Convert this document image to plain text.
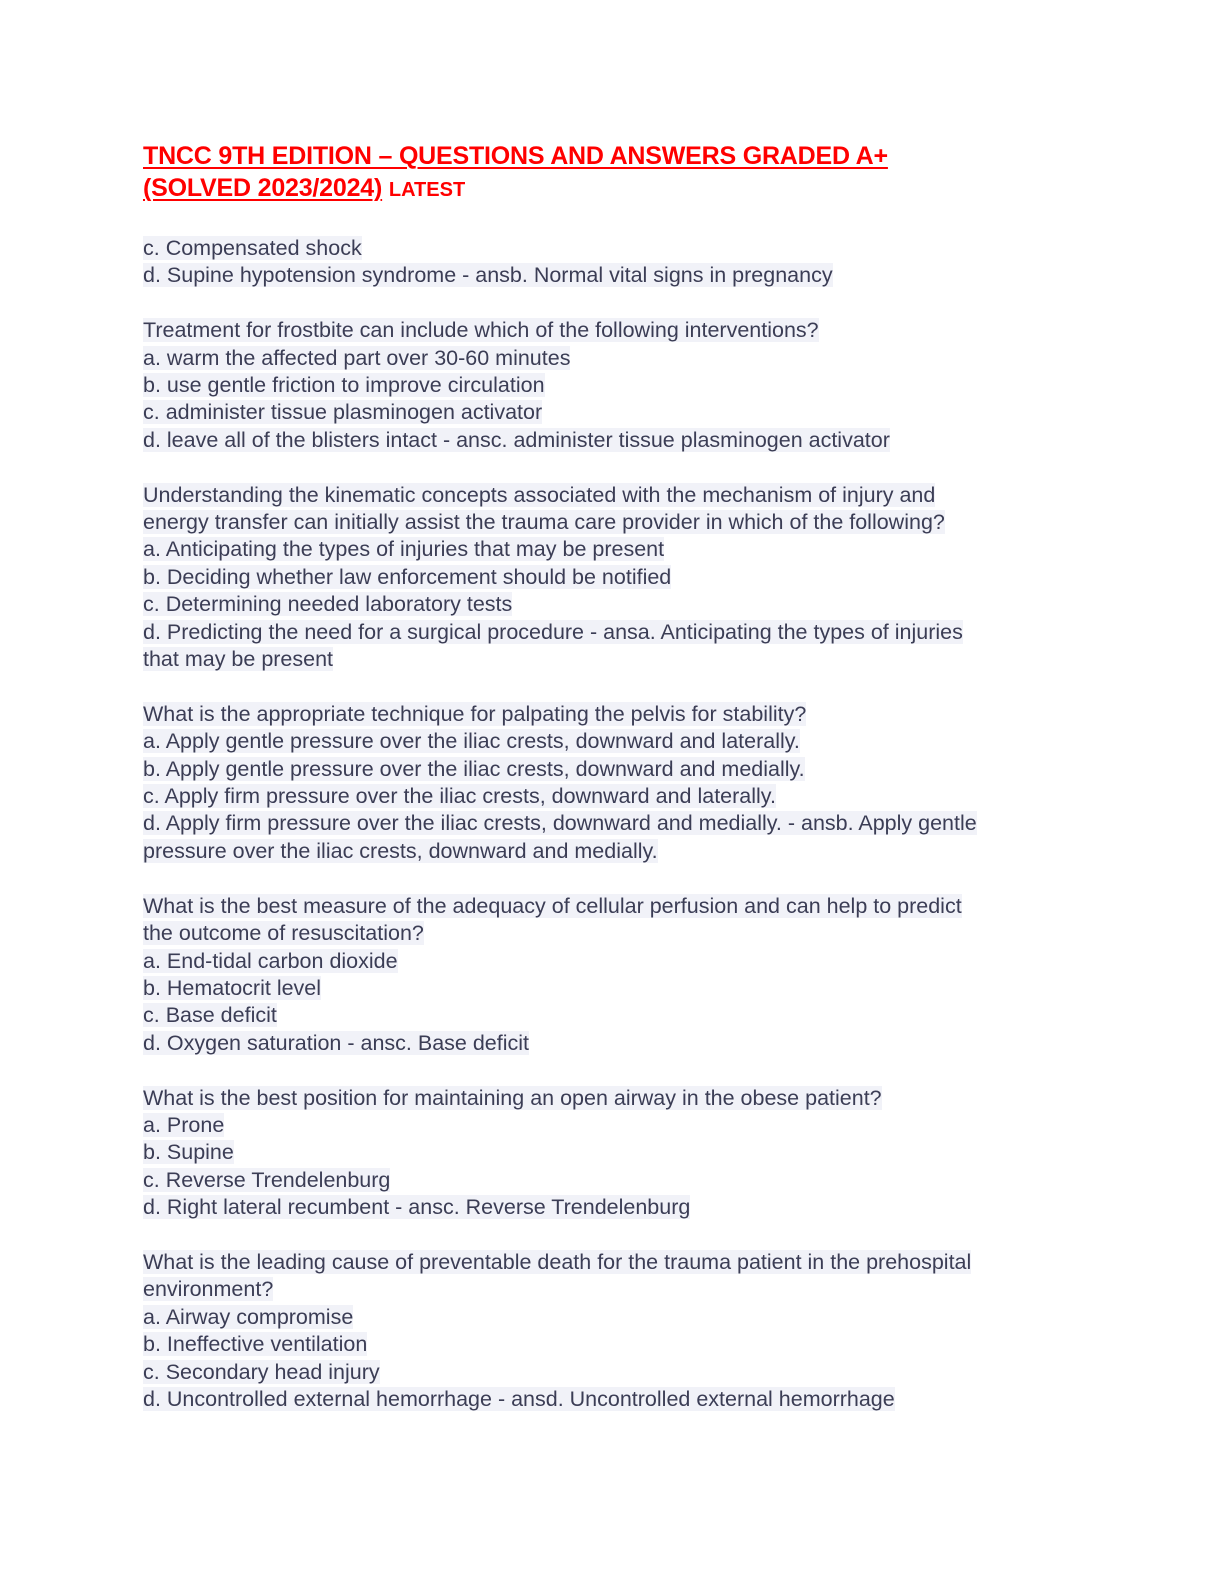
TNCC 9TH EDITION – QUESTIONS AND ANSWERS GRADED A+
(SOLVED 2023/2024) LATEST
c. Compensated shock
d. Supine hypotension syndrome - ansb. Normal vital signs in pregnancy
Treatment for frostbite can include which of the following interventions?
a. warm the affected part over 30-60 minutes
b. use gentle friction to improve circulation
c. administer tissue plasminogen activator
d. leave all of the blisters intact - ansc. administer tissue plasminogen activator
Understanding the kinematic concepts associated with the mechanism of injury and
energy transfer can initially assist the trauma care provider in which of the following?
a. Anticipating the types of injuries that may be present
b. Deciding whether law enforcement should be notified
c. Determining needed laboratory tests
d. Predicting the need for a surgical procedure - ansa. Anticipating the types of injuries
that may be present
What is the appropriate technique for palpating the pelvis for stability?
a. Apply gentle pressure over the iliac crests, downward and laterally.
b. Apply gentle pressure over the iliac crests, downward and medially.
c. Apply firm pressure over the iliac crests, downward and laterally.
d. Apply firm pressure over the iliac crests, downward and medially. - ansb. Apply gentle
pressure over the iliac crests, downward and medially.
What is the best measure of the adequacy of cellular perfusion and can help to predict
the outcome of resuscitation?
a. End-tidal carbon dioxide
b. Hematocrit level
c. Base deficit
d. Oxygen saturation - ansc. Base deficit
What is the best position for maintaining an open airway in the obese patient?
a. Prone
b. Supine
c. Reverse Trendelenburg
d. Right lateral recumbent - ansc. Reverse Trendelenburg
What is the leading cause of preventable death for the trauma patient in the prehospital
environment?
a. Airway compromise
b. Ineffective ventilation
c. Secondary head injury
d. Uncontrolled external hemorrhage - ansd. Uncontrolled external hemorrhage
